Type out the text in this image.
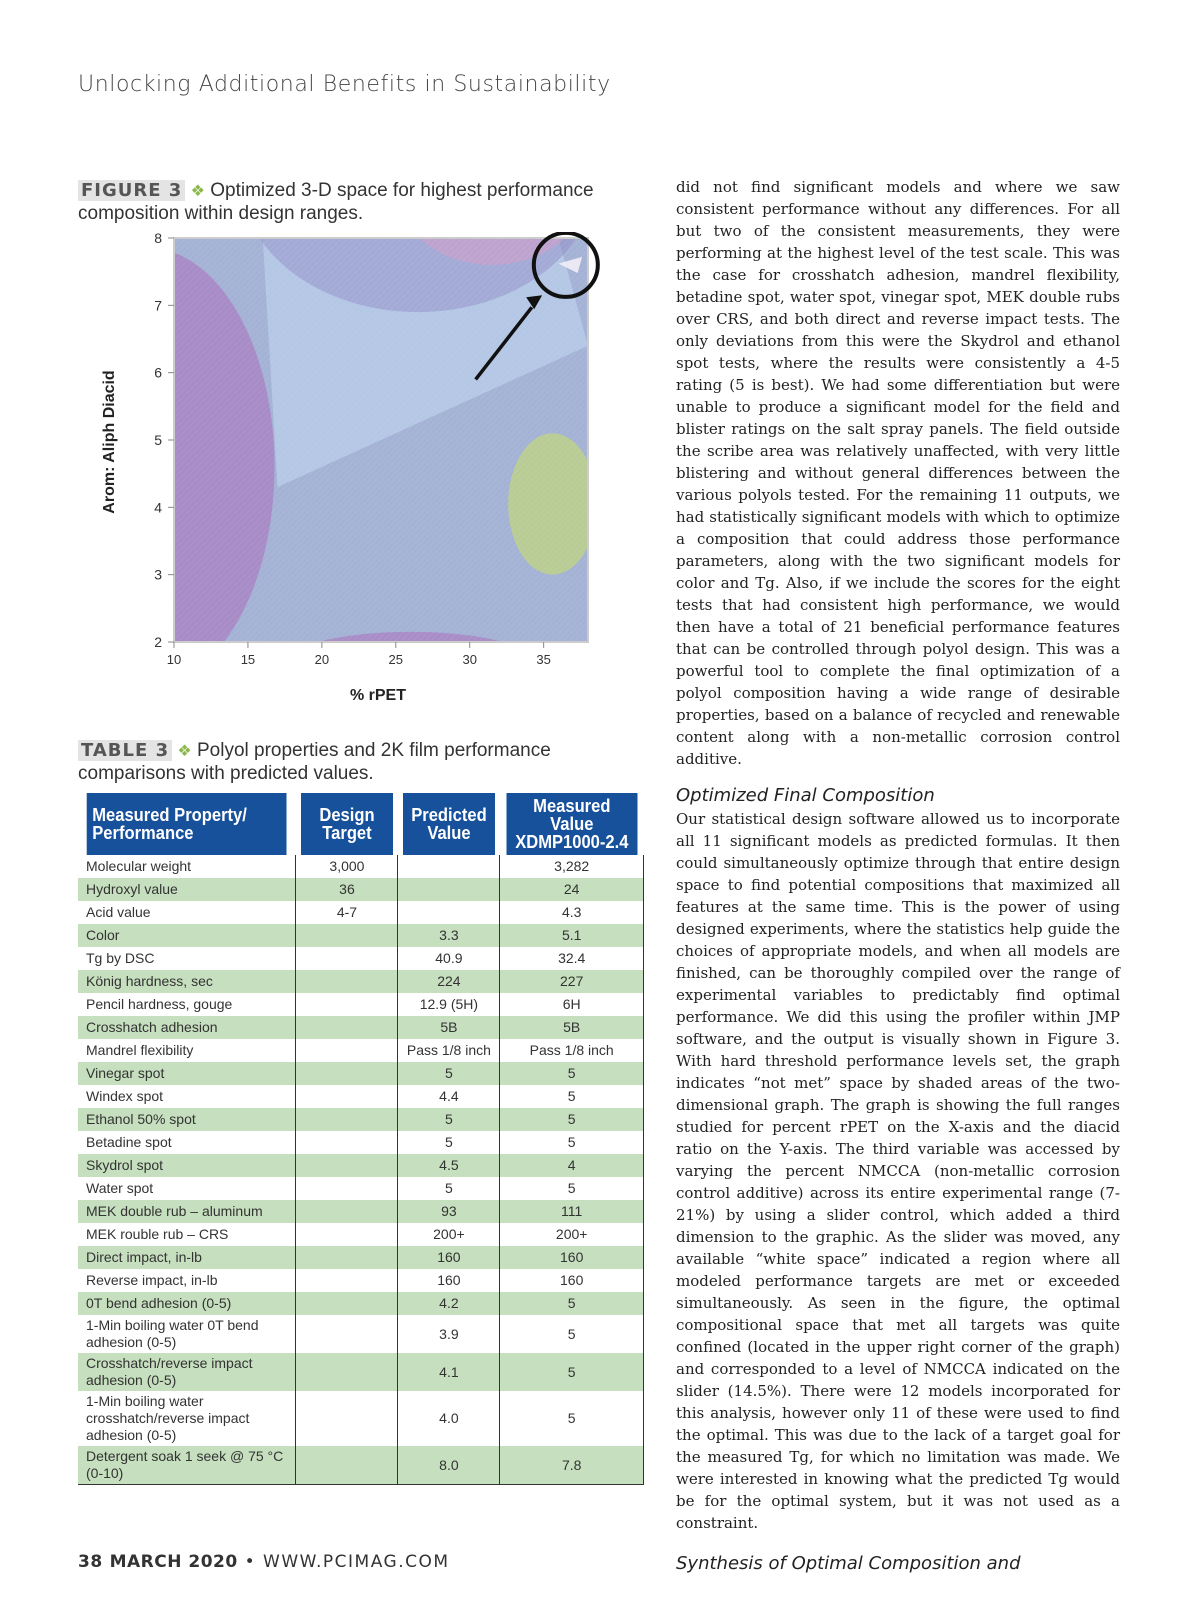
Unlocking Additional Benefits in Sustainability
FIGURE 3 ❖ Optimized 3-D space for highest performance composition within design ranges.
10	15	20	25	30	35
2
3
4
5
6
7
8
Arom: Aliph Diacid
% rPET
TABLE 3 ❖ Polyol properties and 2K film performance comparisons with predicted values.
Measured Property/ Performance	Design Target	Predicted Value	Measured Value XDMP1000-2.4
Molecular weight	3,000		3,282
Hydroxyl value	36		24
Acid value	4-7		4.3
Color		3.3	5.1
Tg by DSC		40.9	32.4
König hardness, sec		224	227
Pencil hardness, gouge		12.9 (5H)	6H
Crosshatch adhesion		5B	5B
Mandrel flexibility		Pass 1/8 inch	Pass 1/8 inch
Vinegar spot		5	5
Windex spot		4.4	5
Ethanol 50% spot		5	5
Betadine spot		5	5
Skydrol spot		4.5	4
Water spot		5	5
MEK double rub – aluminum		93	111
MEK rouble rub – CRS		200+	200+
Direct impact, in-lb		160	160
Reverse impact, in-lb		160	160
0T bend adhesion (0-5)		4.2	5
1-Min boiling water 0T bend adhesion (0-5)		3.9	5
Crosshatch/reverse impact adhesion (0-5)		4.1	5
1-Min boiling water crosshatch/reverse impact adhesion (0-5)		4.0	5
Detergent soak 1 seek @ 75 °C (0-10)		8.0	7.8

did not find significant models and where we saw consistent performance without any differences. For all but two of the consistent measurements, they were performing at the highest level of the test scale. This was the case for crosshatch adhesion, mandrel flexibility, betadine spot, water spot, vinegar spot, MEK double rubs over CRS, and both direct and reverse impact tests. The only deviations from this were the Skydrol and ethanol spot tests, where the results were consistently a 4-5 rating (5 is best). We had some differentiation but were unable to produce a significant model for the field and blister ratings on the salt spray panels. The field outside the scribe area was relatively unaffected, with very little blistering and without general differences between the various polyols tested. For the remaining 11 outputs, we had statistically significant models with which to optimize a composition that could address those performance parameters, along with the two significant models for color and Tg. Also, if we include the scores for the eight tests that had consistent high performance, we would then have a total of 21 beneficial performance features that can be controlled through polyol design. This was a powerful tool to complete the final optimization of a polyol composition having a wide range of desirable properties, based on a balance of recycled and renewable content along with a non-metallic corrosion control additive.

Optimized Final Composition

Our statistical design software allowed us to incorporate all 11 significant models as predicted formulas. It then could simultaneously optimize through that entire design space to find potential compositions that maximized all features at the same time. This is the power of using designed experiments, where the statistics help guide the choices of appropriate models, and when all models are finished, can be thoroughly compiled over the range of experimental variables to predictably find optimal performance. We did this using the profiler within JMP software, and the output is visually shown in Figure 3. With hard threshold performance levels set, the graph indicates “not met” space by shaded areas of the two-dimensional graph. The graph is showing the full ranges studied for percent rPET on the X-axis and the diacid ratio on the Y-axis. The third variable was accessed by varying the percent NMCCA (non-metallic corrosion control additive) across its entire experimental range (7-21%) by using a slider control, which added a third dimension to the graphic. As the slider was moved, any available “white space” indicated a region where all modeled performance targets are met or exceeded simultaneously. As seen in the figure, the optimal compositional space that met all targets was quite confined (located in the upper right corner of the graph) and corresponded to a level of NMCCA indicated on the slider (14.5%). There were 12 models incorporated for this analysis, however only 11 of these were used to find the optimal. This was due to the lack of a target goal for the measured Tg, for which no limitation was made. We were interested in knowing what the predicted Tg would be for the optimal system, but it was not used as a constraint.

Synthesis of Optimal Composition and
38 MARCH 2020 • WWW.PCIMAG.COM
